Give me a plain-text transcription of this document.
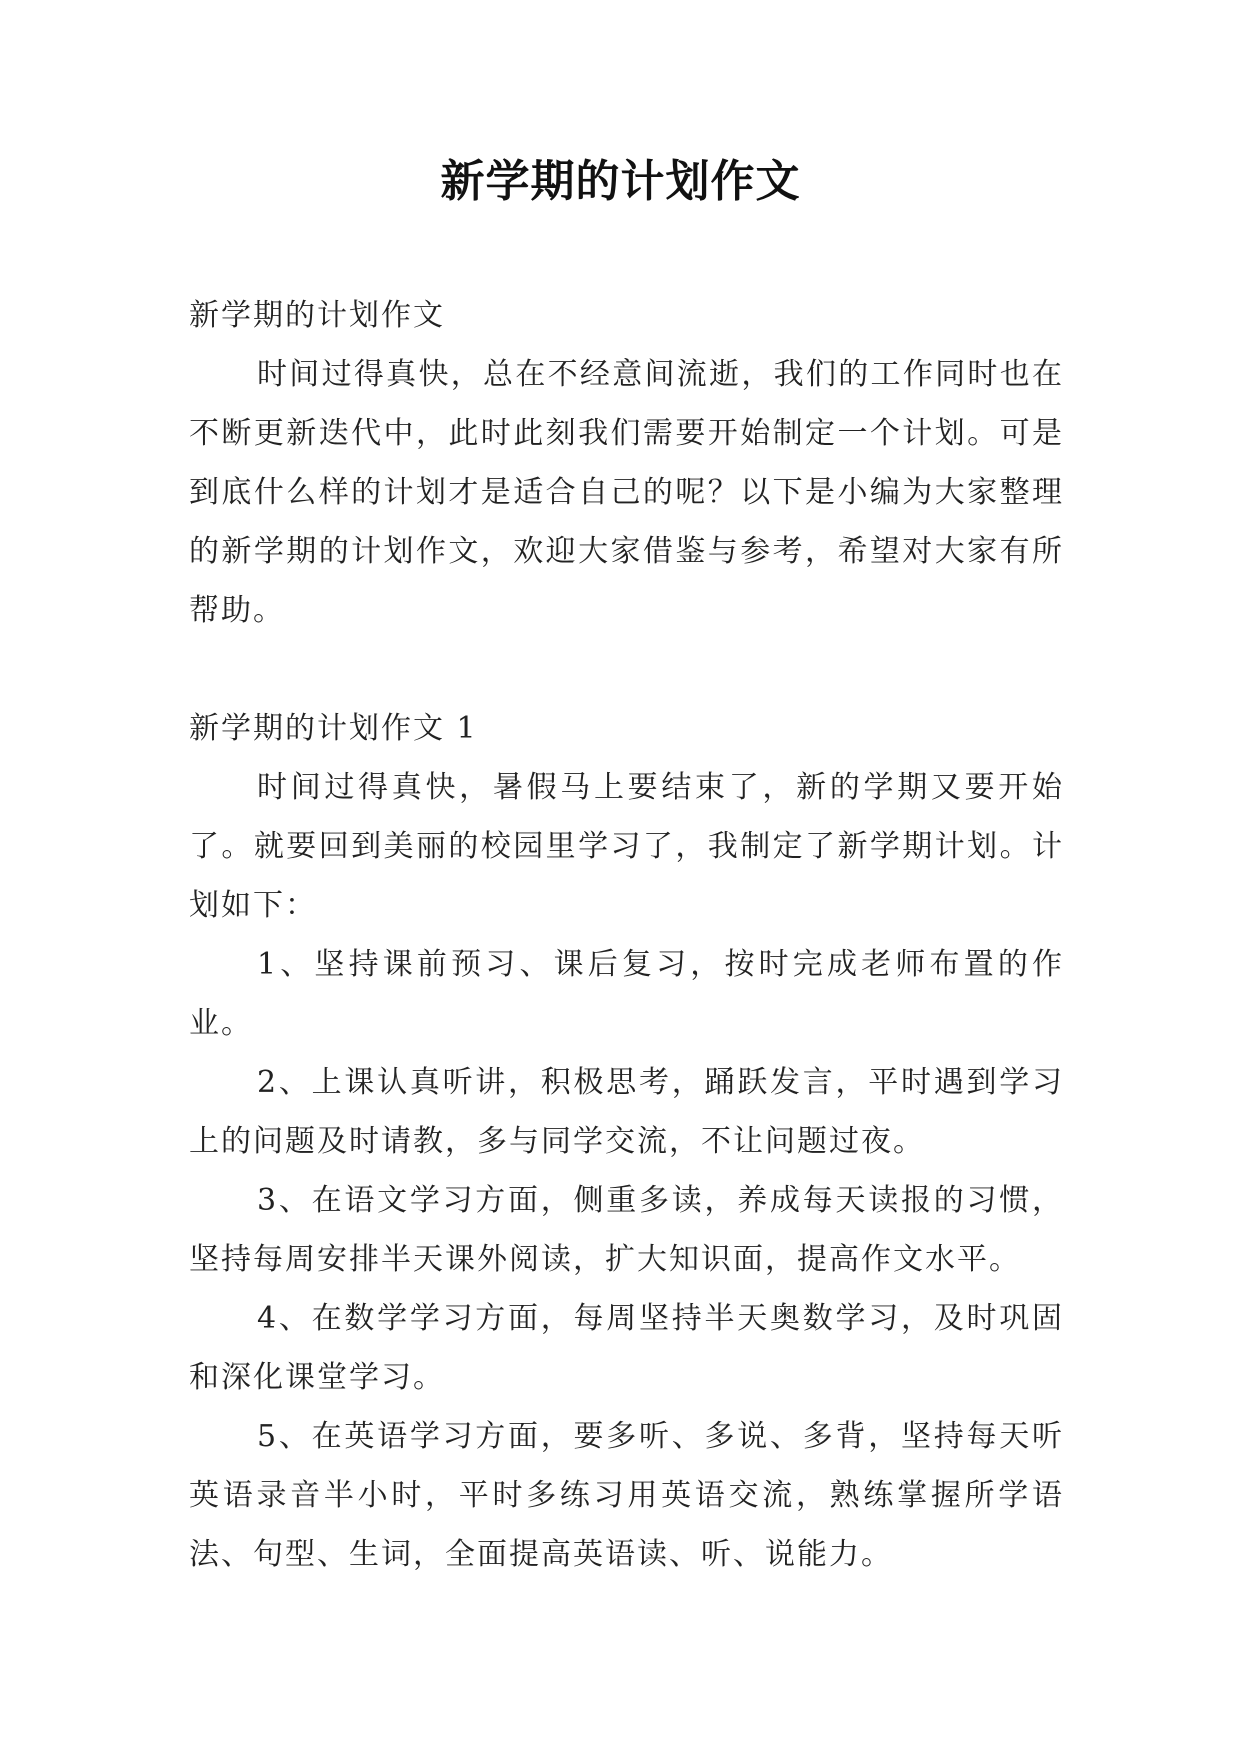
新学期的计划作文

新学期的计划作文

时间过得真快，总在不经意间流逝，我们的工作同时也在不断更新迭代中，此时此刻我们需要开始制定一个计划。可是到底什么样的计划才是适合自己的呢？以下是小编为大家整理的新学期的计划作文，欢迎大家借鉴与参考，希望对大家有所帮助。

新学期的计划作文 1

时间过得真快，暑假马上要结束了，新的学期又要开始了。就要回到美丽的校园里学习了，我制定了新学期计划。计划如下：

1、坚持课前预习、课后复习，按时完成老师布置的作业。

2、上课认真听讲，积极思考，踊跃发言，平时遇到学习上的问题及时请教，多与同学交流，不让问题过夜。

3、在语文学习方面，侧重多读，养成每天读报的习惯，坚持每周安排半天课外阅读，扩大知识面，提高作文水平。

4、在数学学习方面，每周坚持半天奥数学习，及时巩固和深化课堂学习。

5、在英语学习方面，要多听、多说、多背，坚持每天听英语录音半小时，平时多练习用英语交流，熟练掌握所学语法、句型、生词，全面提高英语读、听、说能力。
